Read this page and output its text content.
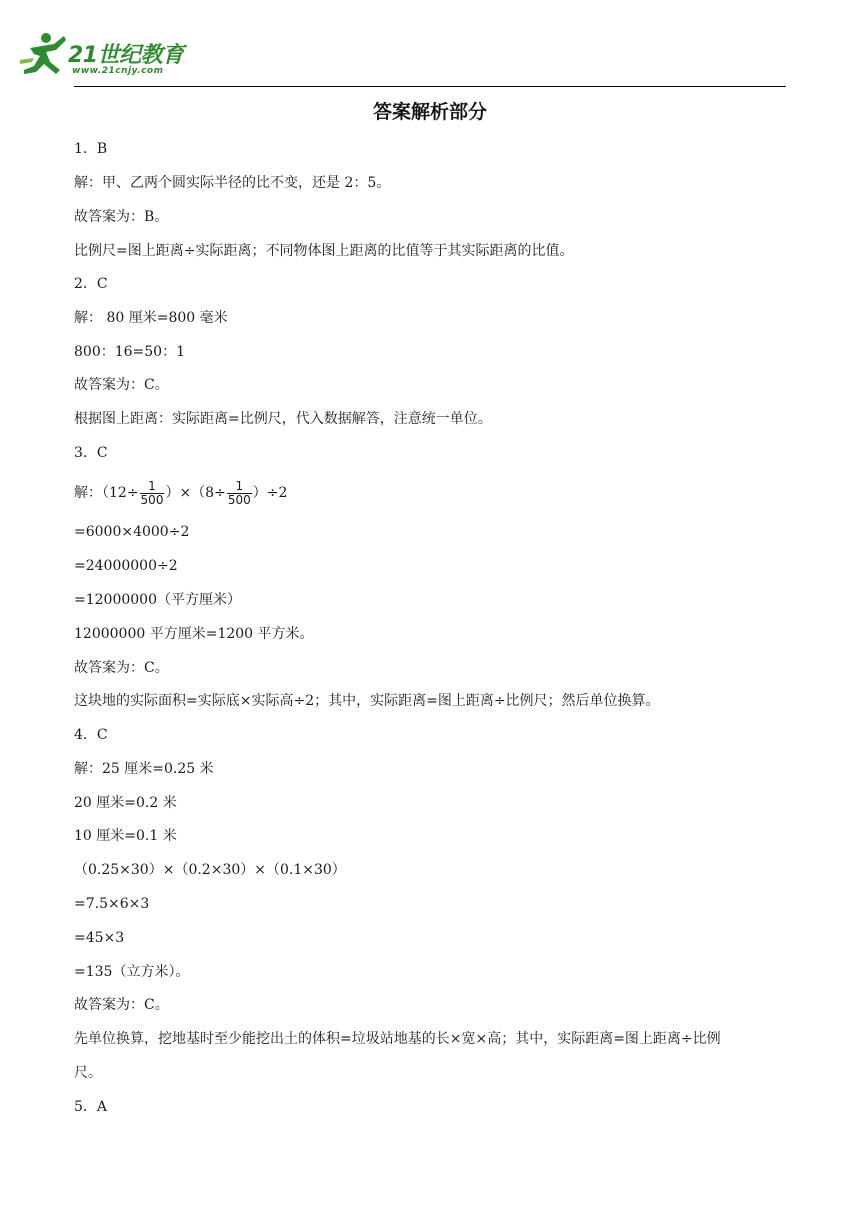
21世纪教育
www.21cnjy.com
答案解析部分
1．B
解：甲、乙两个圆实际半径的比不变，还是 2：5。
故答案为：B。
比例尺=图上距离÷实际距离；不同物体图上距离的比值等于其实际距离的比值。
2．C
解： 80 厘米=800 毫米
800：16=50：1
故答案为：C。
根据图上距离：实际距离=比例尺，代入数据解答，注意统一单位。
3．C
解：$(12\div \frac{1}{500} )\times(8\div \frac{1}{500} )\div 2$
=6000×4000÷2
=24000000÷2
=12000000（平方厘米）
12000000 平方厘米=1200 平方米。
故答案为：C。
这块地的实际面积=实际底×实际高÷2；其中，实际距离=图上距离÷比例尺；然后单位换算。
4．C
解：25 厘米=0.25 米
20 厘米=0.2 米
10 厘米=0.1 米
（0.25×30）×（0.2×30）×（0.1×30）
=7.5×6×3
=45×3
=135（立方米）。
故答案为：C。
先单位换算，挖地基时至少能挖出土的体积=垃圾站地基的长×宽×高；其中，实际距离=图上距离÷比例
尺。
5．A
